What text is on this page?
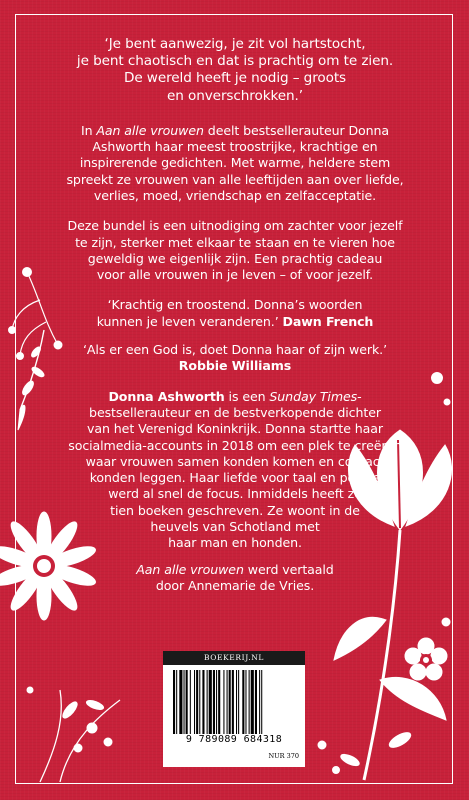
‘Je bent aanwezig, je zit vol hartstocht,
je bent chaotisch en dat is prachtig om te zien.
De wereld heeft je nodig – groots
en onverschrokken.’

In Aan alle vrouwen deelt bestsellerauteur Donna

Ashworth haar meest troostrijke, krachtige en

inspirerende gedichten. Met warme, heldere stem

spreekt ze vrouwen van alle leeftijden aan over liefde,

verlies, moed, vriendschap en zelfacceptatie.

Deze bundel is een uitnodiging om zachter voor jezelf

te zijn, sterker met elkaar te staan en te vieren hoe

geweldig we eigenlijk zijn. Een prachtig cadeau

voor alle vrouwen in je leven – of voor jezelf.

‘Krachtig en troostend. Donna’s woorden

kunnen je leven veranderen.’ Dawn French

‘Als er een God is, doet Donna haar of zijn werk.’

Robbie Williams

Donna Ashworth is een Sunday Times-

bestsellerauteur en de bestverkopende dichter

van het Verenigd Koninkrijk. Donna startte haar

socialmedia-accounts in 2018 om een plek te creëren

waar vrouwen samen konden komen en contact

konden leggen. Haar liefde voor taal en poëzie

werd al snel de focus. Inmiddels heeft ze

tien boeken geschreven. Ze woont in de

heuvels van Schotland met

haar man en honden.

Aan alle vrouwen werd vertaald

door Annemarie de Vries.

BOEKERIJ.NL
9 789089 684318
NUR 370
